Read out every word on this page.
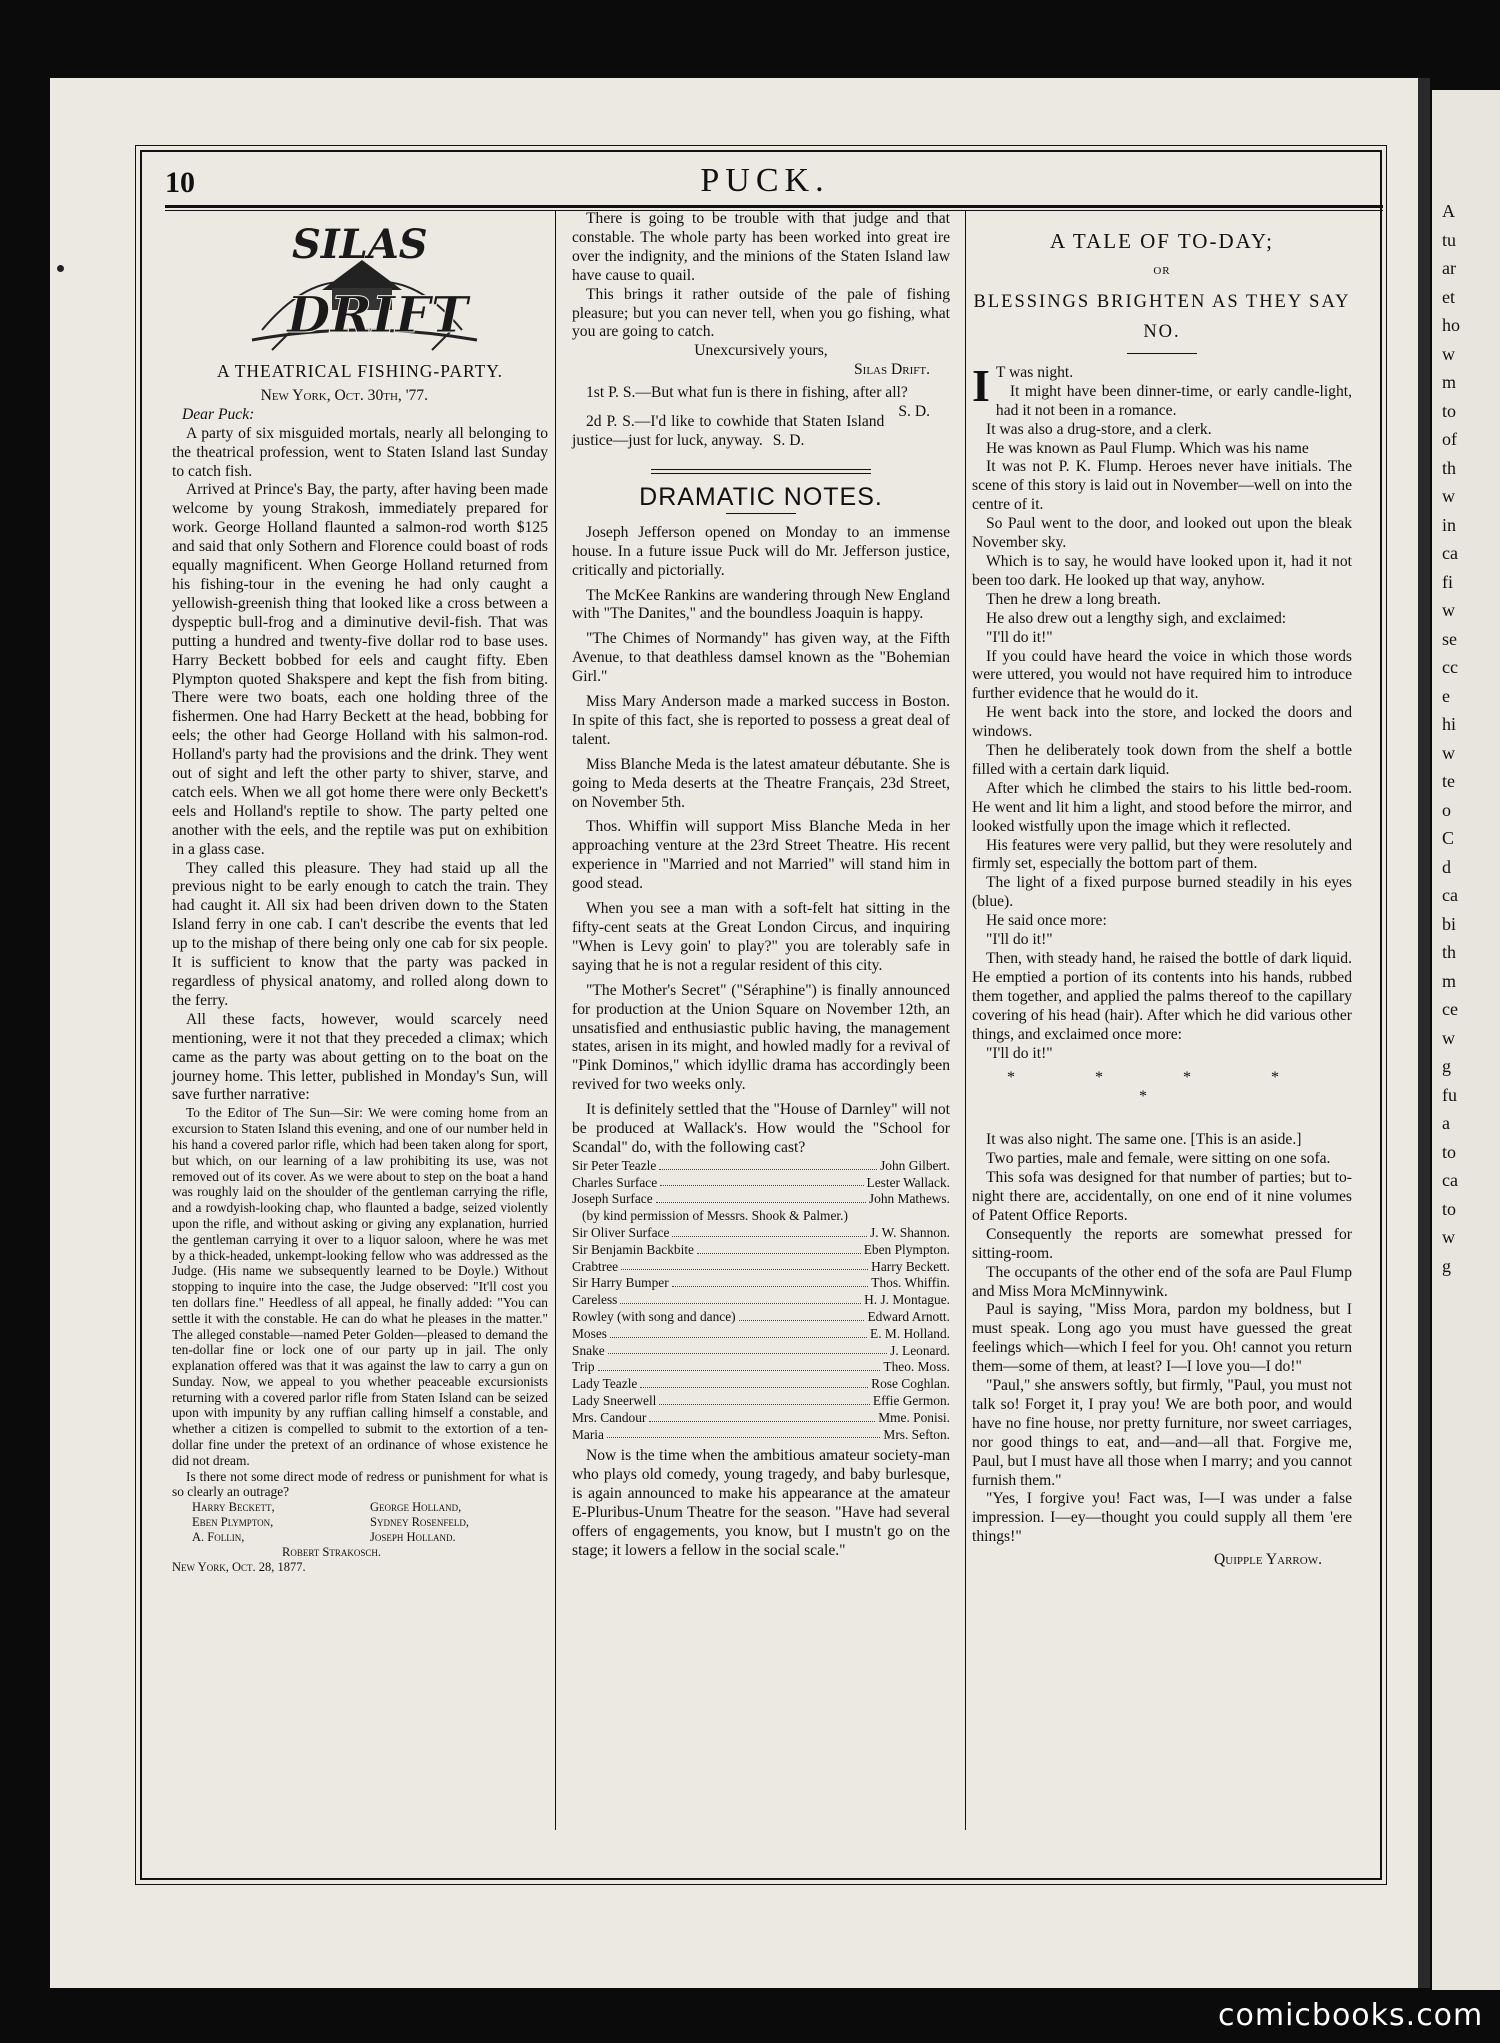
A
tu
ar
et
ho
w
m
to
of
th
w
in
ca
fi
w
se
cc
e
hi
w
te
o
C
d
ca
bi
th
m
ce
w
g
fu
a
to
ca
to
w
g
10	PUCK.
SILAS
DRIFT
A THEATRICAL FISHING-PARTY.

New York, Oct. 30th, '77.

Dear Puck:

A party of six misguided mortals, nearly all belonging to the theatrical profession, went to Staten Island last Sunday to catch fish.

Arrived at Prince's Bay, the party, after having been made welcome by young Strakosh, immediately prepared for work. George Holland flaunted a salmon-rod worth $125 and said that only Sothern and Florence could boast of rods equally magnificent. When George Holland returned from his fishing-tour in the evening he had only caught a yellowish-greenish thing that looked like a cross between a dyspeptic bull-frog and a diminutive devil-fish. That was putting a hundred and twenty-five dollar rod to base uses. Harry Beckett bobbed for eels and caught fifty. Eben Plympton quoted Shakspere and kept the fish from biting. There were two boats, each one holding three of the fishermen. One had Harry Beckett at the head, bobbing for eels; the other had George Holland with his salmon-rod. Holland's party had the provisions and the drink. They went out of sight and left the other party to shiver, starve, and catch eels. When we all got home there were only Beckett's eels and Holland's reptile to show. The party pelted one another with the eels, and the reptile was put on exhibition in a glass case.

They called this pleasure. They had staid up all the previous night to be early enough to catch the train. They had caught it. All six had been driven down to the Staten Island ferry in one cab. I can't describe the events that led up to the mishap of there being only one cab for six people. It is sufficient to know that the party was packed in regardless of physical anatomy, and rolled along down to the ferry.

All these facts, however, would scarcely need mentioning, were it not that they preceded a climax; which came as the party was about getting on to the boat on the journey home. This letter, published in Monday's Sun, will save further narrative:

To the Editor of The Sun—Sir: We were coming home from an excursion to Staten Island this evening, and one of our number held in his hand a covered parlor rifle, which had been taken along for sport, but which, on our learning of a law prohibiting its use, was not removed out of its cover. As we were about to step on the boat a hand was roughly laid on the shoulder of the gentleman carrying the rifle, and a rowdyish-looking chap, who flaunted a badge, seized violently upon the rifle, and without asking or giving any explanation, hurried the gentleman carrying it over to a liquor saloon, where he was met by a thick-headed, unkempt-looking fellow who was addressed as the Judge. (His name we subsequently learned to be Doyle.) Without stopping to inquire into the case, the Judge observed: "It'll cost you ten dollars fine." Heedless of all appeal, he finally added: "You can settle it with the constable. He can do what he pleases in the matter." The alleged constable—named Peter Golden—pleased to demand the ten-dollar fine or lock one of our party up in jail. The only explanation offered was that it was against the law to carry a gun on Sunday. Now, we appeal to you whether peaceable excursionists returning with a covered parlor rifle from Staten Island can be seized upon with impunity by any ruffian calling himself a constable, and whether a citizen is compelled to submit to the extortion of a ten-dollar fine under the pretext of an ordinance of whose existence he did not dream.

Is there not some direct mode of redress or punishment for what is so clearly an outrage?

Harry Beckett,	George Holland,
Eben Plympton,	Sydney Rosenfeld,
A. Follin,	Joseph Holland.
Robert Strakosch.
New York, Oct. 28, 1877.

There is going to be trouble with that judge and that constable. The whole party has been worked into great ire over the indignity, and the minions of the Staten Island law have cause to quail.

This brings it rather outside of the pale of fishing pleasure; but you can never tell, when you go fishing, what you are going to catch.

Unexcursively yours,

Silas Drift.

1st P. S.—But what fun is there in fishing, after all?
S. D.

2d P. S.—I'd like to cowhide that Staten Island justice—just for luck, anyway. S. D.

DRAMATIC NOTES.

Joseph Jefferson opened on Monday to an immense house. In a future issue Puck will do Mr. Jefferson justice, critically and pictorially.

The McKee Rankins are wandering through New England with "The Danites," and the boundless Joaquin is happy.

"The Chimes of Normandy" has given way, at the Fifth Avenue, to that deathless damsel known as the "Bohemian Girl."

Miss Mary Anderson made a marked success in Boston. In spite of this fact, she is reported to possess a great deal of talent.

Miss Blanche Meda is the latest amateur débutante. She is going to Meda deserts at the Theatre Français, 23d Street, on November 5th.

Thos. Whiffin will support Miss Blanche Meda in her approaching venture at the 23rd Street Theatre. His recent experience in "Married and not Married" will stand him in good stead.

When you see a man with a soft-felt hat sitting in the fifty-cent seats at the Great London Circus, and inquiring "When is Levy goin' to play?" you are tolerably safe in saying that he is not a regular resident of this city.

"The Mother's Secret" ("Séraphine") is finally announced for production at the Union Square on November 12th, an unsatisfied and enthusiastic public having, the management states, arisen in its might, and howled madly for a revival of "Pink Dominos," which idyllic drama has accordingly been revived for two weeks only.

It is definitely settled that the "House of Darnley" will not be produced at Wallack's. How would the "School for Scandal" do, with the following cast?

Sir Peter Teazle	John Gilbert.
Charles Surface	Lester Wallack.
Joseph Surface	John Mathews.
(by kind permission of Messrs. Shook & Palmer.)
Sir Oliver Surface	J. W. Shannon.
Sir Benjamin Backbite	Eben Plympton.
Crabtree	Harry Beckett.
Sir Harry Bumper	Thos. Whiffin.
Careless	H. J. Montague.
Rowley (with song and dance)	Edward Arnott.
Moses	E. M. Holland.
Snake	J. Leonard.
Trip	Theo. Moss.
Lady Teazle	Rose Coghlan.
Lady Sneerwell	Effie Germon.
Mrs. Candour	Mme. Ponisi.
Maria	Mrs. Sefton.

Now is the time when the ambitious amateur society-man who plays old comedy, young tragedy, and baby burlesque, is again announced to make his appearance at the amateur E-Pluribus-Unum Theatre for the season. "Have had several offers of engagements, you know, but I mustn't go on the stage; it lowers a fellow in the social scale."

A TALE OF TO-DAY;
OR
BLESSINGS BRIGHTEN AS THEY SAY NO.

I T was night.

It might have been dinner-time, or early candle-light, had it not been in a romance.

It was also a drug-store, and a clerk.

He was known as Paul Flump. Which was his name

It was not P. K. Flump. Heroes never have initials. The scene of this story is laid out in November—well on into the centre of it.

So Paul went to the door, and looked out upon the bleak November sky.

Which is to say, he would have looked upon it, had it not been too dark. He looked up that way, anyhow.

Then he drew a long breath.

He also drew out a lengthy sigh, and exclaimed:

"I'll do it!"

If you could have heard the voice in which those words were uttered, you would not have required him to introduce further evidence that he would do it.

He went back into the store, and locked the doors and windows.

Then he deliberately took down from the shelf a bottle filled with a certain dark liquid.

After which he climbed the stairs to his little bed-room. He went and lit him a light, and stood before the mirror, and looked wistfully upon the image which it reflected.

His features were very pallid, but they were resolutely and firmly set, especially the bottom part of them.

The light of a fixed purpose burned steadily in his eyes (blue).

He said once more:

"I'll do it!"

Then, with steady hand, he raised the bottle of dark liquid. He emptied a portion of its contents into his hands, rubbed them together, and applied the palms thereof to the capillary covering of his head (hair). After which he did various other things, and exclaimed once more:

"I'll do it!"

* * * * *

It was also night. The same one. [This is an aside.]

Two parties, male and female, were sitting on one sofa.

This sofa was designed for that number of parties; but to-night there are, accidentally, on one end of it nine volumes of Patent Office Reports.

Consequently the reports are somewhat pressed for sitting-room.

The occupants of the other end of the sofa are Paul Flump and Miss Mora McMinnywink.

Paul is saying, "Miss Mora, pardon my boldness, but I must speak. Long ago you must have guessed the great feelings which—which I feel for you. Oh! cannot you return them—some of them, at least? I—I love you—I do!"

"Paul," she answers softly, but firmly, "Paul, you must not talk so! Forget it, I pray you! We are both poor, and would have no fine house, nor pretty furniture, nor sweet carriages, nor good things to eat, and—and—all that. Forgive me, Paul, but I must have all those when I marry; and you cannot furnish them."

"Yes, I forgive you! Fact was, I—I was under a false impression. I—ey—thought you could supply all them 'ere things!"

Quipple Yarrow.

comicbooks.com
